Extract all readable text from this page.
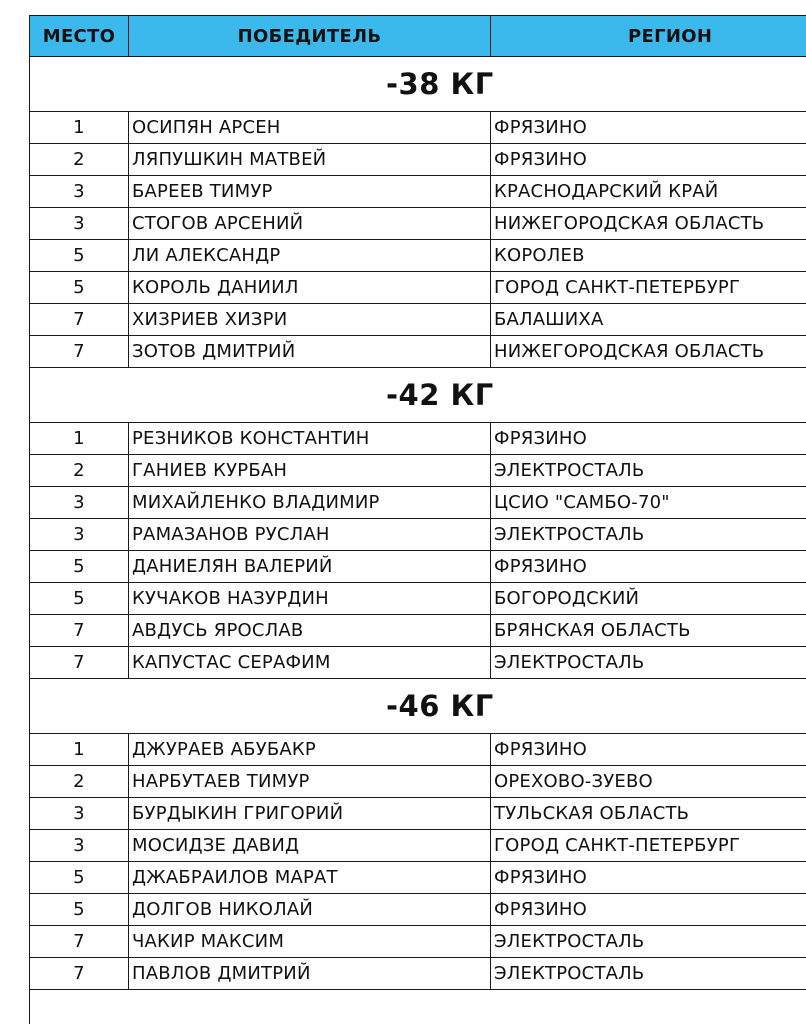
МЕСТО	ПОБЕДИТЕЛЬ	РЕГИОН
-38 КГ		
1	ОСИПЯН АРСЕН	ФРЯЗИНО
2	ЛЯПУШКИН МАТВЕЙ	ФРЯЗИНО
3	БАРЕЕВ ТИМУР	КРАСНОДАРСКИЙ КРАЙ
3	СТОГОВ АРСЕНИЙ	НИЖЕГОРОДСКАЯ ОБЛАСТЬ
5	ЛИ АЛЕКСАНДР	КОРОЛЕВ
5	КОРОЛЬ ДАНИИЛ	ГОРОД САНКТ-ПЕТЕРБУРГ
7	ХИЗРИЕВ ХИЗРИ	БАЛАШИХА
7	ЗОТОВ ДМИТРИЙ	НИЖЕГОРОДСКАЯ ОБЛАСТЬ
-42 КГ		
1	РЕЗНИКОВ КОНСТАНТИН	ФРЯЗИНО
2	ГАНИЕВ КУРБАН	ЭЛЕКТРОСТАЛЬ
3	МИХАЙЛЕНКО ВЛАДИМИР	ЦСИО "САМБО-70"
3	РАМАЗАНОВ РУСЛАН	ЭЛЕКТРОСТАЛЬ
5	ДАНИЕЛЯН ВАЛЕРИЙ	ФРЯЗИНО
5	КУЧАКОВ НАЗУРДИН	БОГОРОДСКИЙ
7	АВДУСЬ ЯРОСЛАВ	БРЯНСКАЯ ОБЛАСТЬ
7	КАПУСТАС СЕРАФИМ	ЭЛЕКТРОСТАЛЬ
-46 КГ		
1	ДЖУРАЕВ АБУБАКР	ФРЯЗИНО
2	НАРБУТАЕВ ТИМУР	ОРЕХОВО-ЗУЕВО
3	БУРДЫКИН ГРИГОРИЙ	ТУЛЬСКАЯ ОБЛАСТЬ
3	МОСИДЗЕ ДАВИД	ГОРОД САНКТ-ПЕТЕРБУРГ
5	ДЖАБРАИЛОВ МАРАТ	ФРЯЗИНО
5	ДОЛГОВ НИКОЛАЙ	ФРЯЗИНО
7	ЧАКИР МАКСИМ	ЭЛЕКТРОСТАЛЬ
7	ПАВЛОВ ДМИТРИЙ	ЭЛЕКТРОСТАЛЬ
